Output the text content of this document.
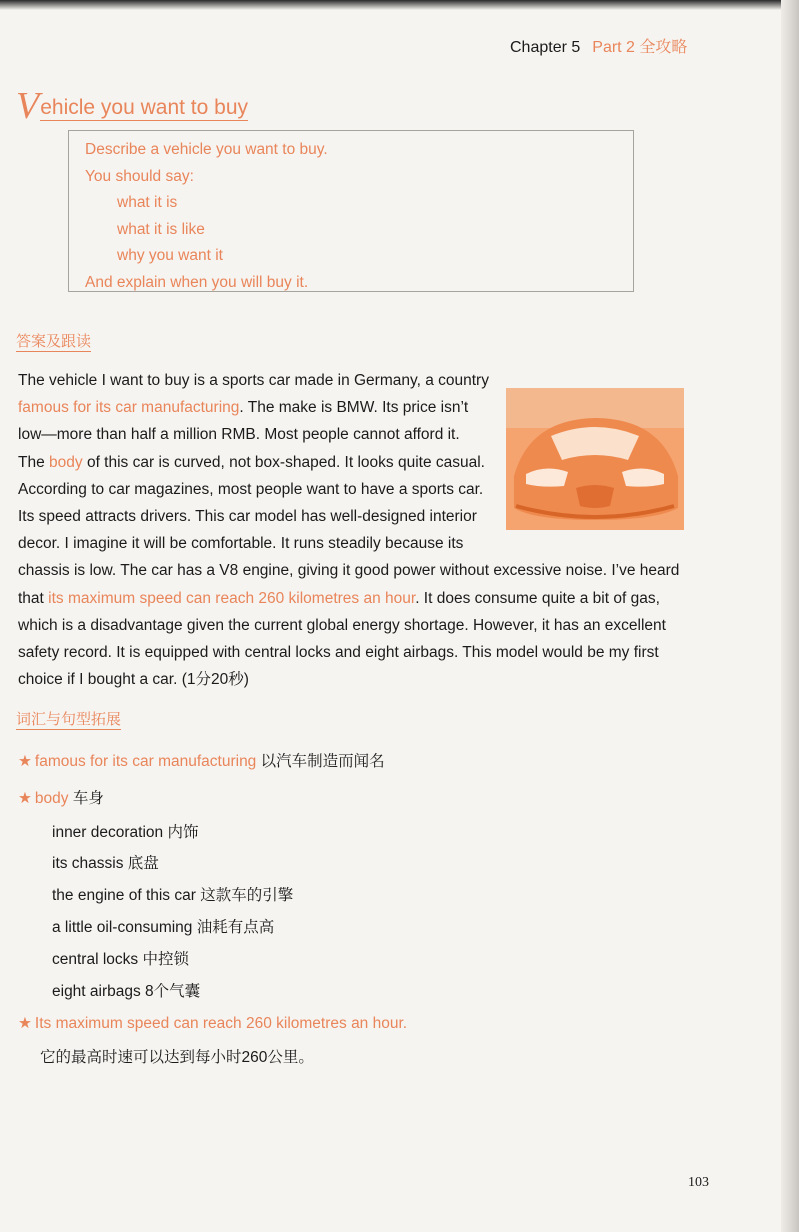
Chapter 5 Part 2 全攻略
Vehicle you want to buy
Describe a vehicle you want to buy.
You should say:
what it is
what it is like
why you want it
And explain when you will buy it.
答案及跟读
The vehicle I want to buy is a sports car made in Germany, a country
famous for its car manufacturing. The make is BMW. Its price isn’t
low—more than half a million RMB. Most people cannot afford it.
The body of this car is curved, not box-shaped. It looks quite casual.
According to car magazines, most people want to have a sports car.
Its speed attracts drivers. This car model has well-designed interior
decor. I imagine it will be comfortable. It runs steadily because its
chassis is low. The car has a V8 engine, giving it good power without excessive noise. I’ve heard
that its maximum speed can reach 260 kilometres an hour. It does consume quite a bit of gas,
which is a disadvantage given the current global energy shortage. However, it has an excellent
safety record. It is equipped with central locks and eight airbags. This model would be my first
choice if I bought a car. (1分20秒)
词汇与句型拓展
★ famous for its car manufacturing 以汽车制造而闻名
★ body 车身
inner decoration 内饰
its chassis 底盘
the engine of this car 这款车的引擎
a little oil-consuming 油耗有点高
central locks 中控锁
eight airbags 8个气囊
★ Its maximum speed can reach 260 kilometres an hour.
它的最高时速可以达到每小时260公里。
103
